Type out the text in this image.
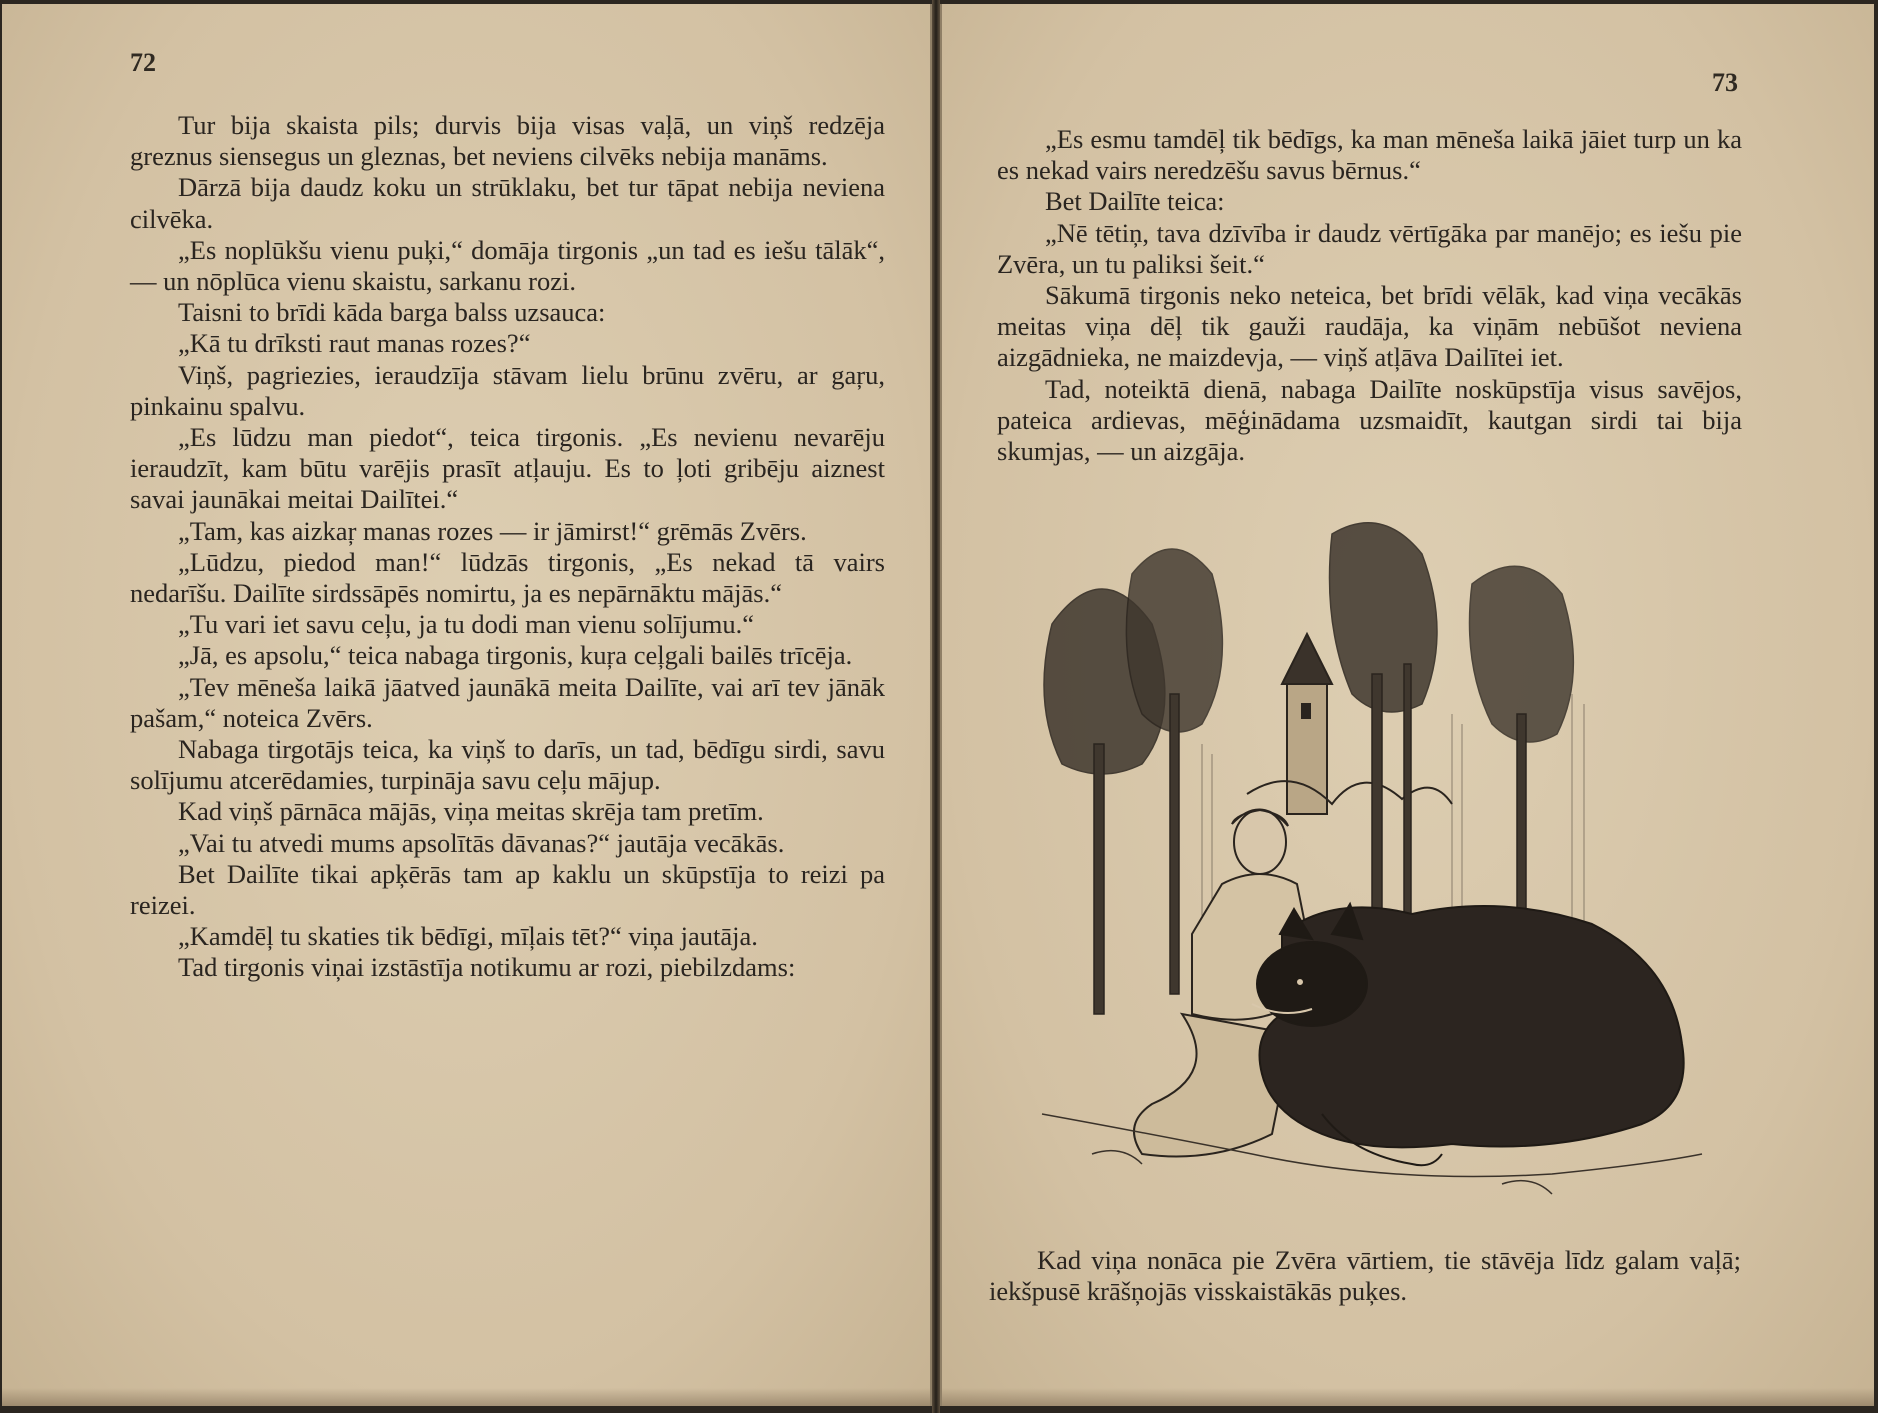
72

Tur bija skaista pils; durvis bija visas vaļā, un viņš redzēja greznus siensegus un gleznas, bet neviens cilvēks nebija manāms.

Dārzā bija daudz koku un strūklaku, bet tur tāpat nebija neviena cilvēka.

„Es noplūkšu vienu puķi,“ domāja tirgonis „un tad es iešu tālāk“, — un nōplūca vienu skaistu, sarkanu rozi.

Taisni to brīdi kāda barga balss uzsauca:

„Kā tu drīksti raut manas rozes?“

Viņš, pagriezies, ieraudzīja stāvam lielu brūnu zvēru, ar gaŗu, pinkainu spalvu.

„Es lūdzu man piedot“, teica tirgonis. „Es nevienu nevarēju ieraudzīt, kam būtu varējis prasīt atļauju. Es to ļoti gribēju aiznest savai jaunākai meitai Dailītei.“

„Tam, kas aizkaŗ manas rozes — ir jāmirst!“ grēmās Zvērs.

„Lūdzu, piedod man!“ lūdzās tirgonis, „Es nekad tā vairs nedarīšu. Dailīte sirdssāpēs nomirtu, ja es nepārnāktu mājās.“

„Tu vari iet savu ceļu, ja tu dodi man vienu solījumu.“

„Jā, es apsolu,“ teica nabaga tirgonis, kuŗa ceļgali bailēs trīcēja.

„Tev mēneša laikā jāatved jaunākā meita Dailīte, vai arī tev jānāk pašam,“ noteica Zvērs.

Nabaga tirgotājs teica, ka viņš to darīs, un tad, bēdīgu sirdi, savu solījumu atcerēdamies, turpināja savu ceļu mājup.

Kad viņš pārnāca mājās, viņa meitas skrēja tam pretīm.

„Vai tu atvedi mums apsolītās dāvanas?“ jautāja vecākās.

Bet Dailīte tikai apķērās tam ap kaklu un skūpstīja to reizi pa reizei.

„Kamdēļ tu skaties tik bēdīgi, mīļais tēt?“ viņa jautāja.

Tad tirgonis viņai izstāstīja notikumu ar rozi, piebilzdams:

73

„Es esmu tamdēļ tik bēdīgs, ka man mēneša laikā jāiet turp un ka es nekad vairs neredzēšu savus bērnus.“

Bet Dailīte teica:

„Nē tētiņ, tava dzīvība ir daudz vērtīgāka par manējo; es iešu pie Zvēra, un tu paliksi šeit.“

Sākumā tirgonis neko neteica, bet brīdi vēlāk, kad viņa vecākās meitas viņa dēļ tik gauži raudāja, ka viņām nebūšot neviena aizgādnieka, ne maizdevja, — viņš atļāva Dailītei iet.

Tad, noteiktā dienā, nabaga Dailīte noskūpstīja visus savējos, pateica ardievas, mēģinādama uzsmaidīt, kautgan sirdi tai bija skumjas, — un aizgāja.

Kad viņa nonāca pie Zvēra vārtiem, tie stāvēja līdz galam vaļā; iekšpusē krāšņojās visskaistākās puķes.
